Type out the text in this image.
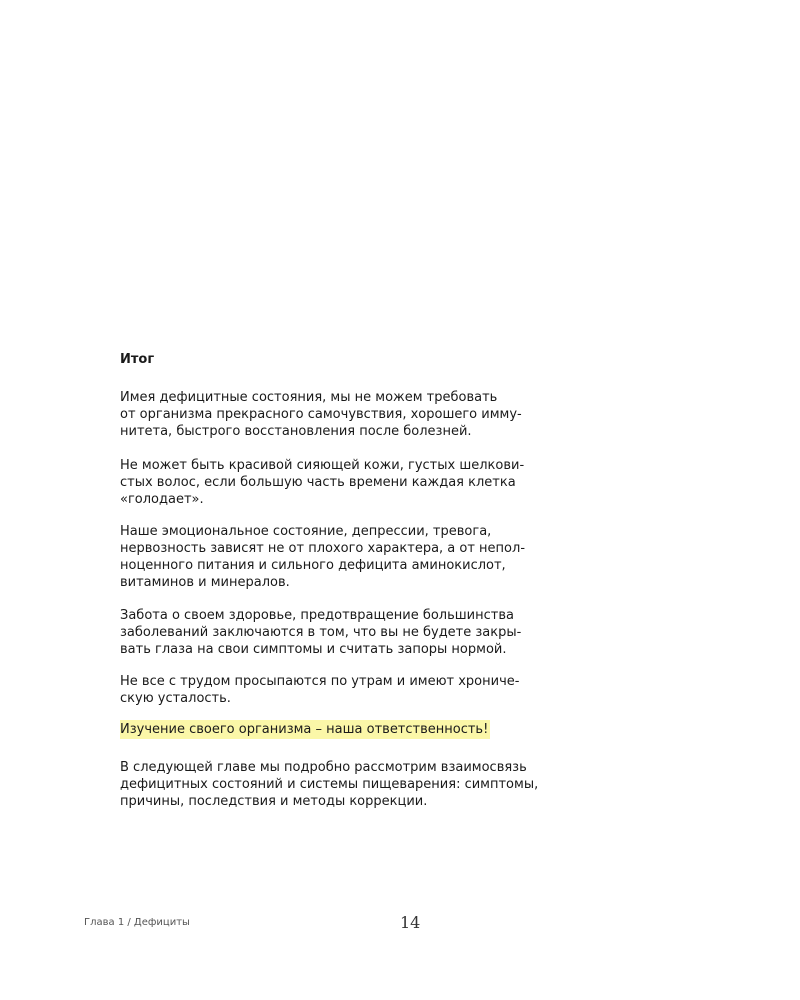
Итог

Имея дефицитные состояния, мы не можем требовать
от организма прекрасного самочувствия, хорошего имму-
нитета, быстрого восстановления после болезней.

Не может быть красивой сияющей кожи, густых шелкови-
стых волос, если большую часть времени каждая клетка
«голодает».

Наше эмоциональное состояние, депрессии, тревога,
нервозность зависят не от плохого характера, а от непол-
ноценного питания и сильного дефицита аминокислот,
витаминов и минералов.

Забота о своем здоровье, предотвращение большинства
заболеваний заключаются в том, что вы не будете закры-
вать глаза на свои симптомы и считать запоры нормой.

Не все с трудом просыпаются по утрам и имеют хрониче-
скую усталость.

Изучение своего организма – наша ответственность!

В следующей главе мы подробно рассмотрим взаимосвязь
дефицитных состояний и системы пищеварения: симптомы,
причины, последствия и методы коррекции.

Глава 1 / Дефициты	14
